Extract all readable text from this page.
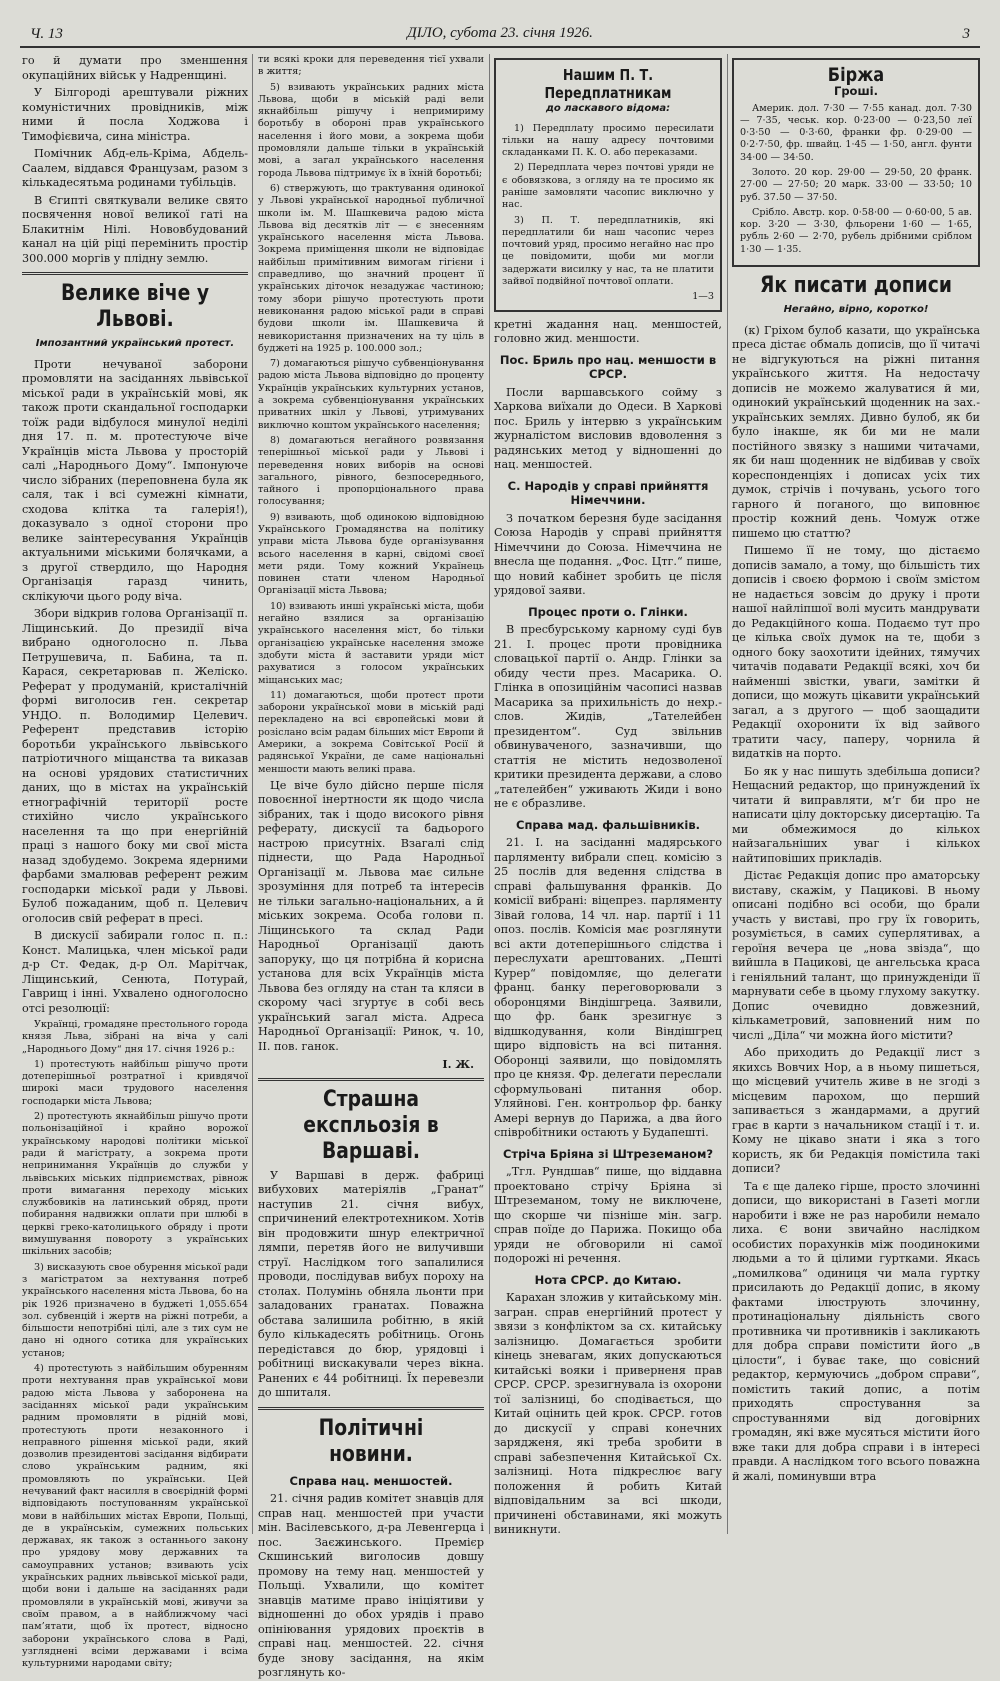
Ч. 13	ДІЛО, субота 23. січня 1926.	3

го й думати про зменшення окупаційних військ у Надренщині.

У Білгороді арештували ріжних комуністичних провідників, між ними й посла Ходжова і Тимофієвича, сина міністра.

Помічник Абд-ель-Кріма, Абдель-Саалем, віддався Французам, разом з кількадесятьма родинами тубільців.

В Єгипті святкували велике свято посвячення нової великої гаті на Блакитнім Нілі. Нововбудований канал на цій ріці перемінить простір 300.000 моргів у плідну землю.

Велике віче у Львові.
Імпозантний український протест.

Проти нечуваної заборони промовляти на засіданнях львівської міської ради в українській мові, як також проти скандальної господарки тоїж ради відбулося минулої неділі дня 17. п. м. протестуюче віче Українців міста Львова у просторій салі „Народнього Дому“. Імпонуюче число зібраних (переповнена була як саля, так і всі сумежні кімнати, сходова клітка та галерія!), доказувало з одної сторони про велике заінтересування Українців актуальними міськими болячками, а з другої ствердило, що Народня Організація гаразд чинить, склікуючи цього роду віча.

Збори відкрив голова Організації п. Ліщинський. До президії віча вибрано одноголосно п. Льва Петрушевича, п. Бабина, та п. Карася, секретарював п. Желіско. Реферат у продуманій, кристалічній формі виголосив ген. секретар УНДО. п. Володимир Целевич. Референт представив історію боротьби українського львівського патріотичного міщанства та виказав на основі урядових статистичних даних, що в містах на українській етнографічній території росте стихійно число українського населення та що при енергійній праці з нашого боку ми свої міста назад здобудемо. Зокрема ядерними фарбами змалював референт режим господарки міської ради у Львові. Булоб пожаданим, щоб п. Целевич оголосив свій реферат в пресі.

В дискусії забирали голос п. п.: Конст. Малицька, член міської ради д-р Ст. Федак, д-р Ол. Марітчак, Ліщинський, Сенюта, Потурай, Гаврищ і інні. Ухвалено одноголосно отсі резолюції:

Українці, громадяне престольного города князя Льва, зібрані на віча у салі „Народнього Дому“ дня 17. січня 1926 р.:

1) протестують найбільш рішучо проти дотеперішньої розтратної і кривдячої широкі маси трудового населення господарки міста Львова;

2) протестують якнайбільш рішучо проти польонізаційної і крайно ворожої українському народові політики міської ради й магістрату, а зокрема проти непринимання Українців до служби у львівських міських підприємствах, рівнож проти вимагання переходу міських службовиків на латинський обряд, проти побирання надвижки оплати при шлюбі в церкві греко-католицького обряду і проти вимушування повороту з українських шкільних засобів;

3) висказують свое обурення міської ради з магістратом за нехтування потреб українського населення міста Львова, бо на рік 1926 призначено в буджеті 1,055.654 зол. субвенцій і жертв на ріжні потреби, а більшости непотрібні цілі, але з тих сум не дано ні одного сотика для українських установ;

4) протестують з найбільшим обуренням проти нехтування прав української мови радою міста Львова у заборонена на засіданнях міської ради українським радним промовляти в рідній мові, протестують проти незаконного і неправного рішення міської ради, який дозволив президентові засідання відбирати слово українським радним, які промовляють по українськи. Цей нечуваний факт насилля в своєрідній формі відповідають поступованням української мови в найбільших містах Европи, Польщі, де в українськім, сумежних польських державах, як також з останнього закону про урядову мову державних та самоуправних установ; взивають усіх українських радних львівської міської ради, щоби вони і дальше на засіданнях ради промовляли в українській мові, живучи за своїм правом, а в найближчому часі пам’ятати, щоб їх протест, відносно заборони українського слова в Раді, узгляднені всіми державами і всіма культурними народами світу;

ти всякі кроки для переведення тієї ухвали в життя;

5) взивають українських радних міста Львова, щоби в міській раді вели якнайбільш рішучу і непримириму боротьбу в обороні прав українського населення і його мови, а зокрема щоби промовляли дальше тільки в українській мові, а загал українського населення города Львова підтримує їх в їхній боротьбі;

6) ствержують, що трактування одинокої у Львові української народньої публичної школи ім. М. Шашкевича радою міста Львова від десятків літ — є знесенням українського населення міста Львова. Зокрема приміщення школи не відповідає найбільш примітивним вимогам гігієни і справедливо, що значний процент її українських діточок незадужає частиною; тому збори рішучо протестують проти невиконання радою міської ради в справі будови школи ім. Шашкевича й невикористання призначених на ту ціль в буджеті на 1925 р. 100.000 зол.;

7) домагаються рішучо субвенціонування радою міста Львова відповідно до проценту Українців українських культурних установ, а зокрема субвенціонування українських приватних шкіл у Львові, утримуваних виключно коштом українського населення;

8) домагаються негайного розвязання теперішньої міської ради у Львові і переведення нових виборів на основі загального, рівного, безпосереднього, тайного і пропорціонального права голосування;

9) взивають, щоб одинокою відповідною Українського Громадянства на політику управи міста Львова буде організування всього населення в карні, свідомі своєї мети ряди. Тому кожний Українець повинен стати членом Народньої Організації міста Львова;

10) взивають инші українські міста, щоби негайно взялися за організацію українського населення міст, бо тільки організацією українське населення зможе здобути міста й заставити уряди міст рахуватися з голосом українських міщанських мас;

11) домагаються, щоби протест проти заборони української мови в міській раді перекладено на всі європейські мови й розіслано всім радам більших міст Европи й Америки, а зокрема Совітської Росії й радянської України, де саме національні меншости мають великі права.

Це віче було дійсно перше після повоєнної інертности як щодо числа зібраних, так і щодо високого рівня реферату, дискусії та бадьорого настрою присутніх. Взагалі слід піднести, що Рада Народньої Організації м. Львова має сильне зрозуміння для потреб та інтересів не тільки загально-національних, а й міських зокрема. Особа голови п. Ліщинського та склад Ради Народньої Організації дають запоруку, що ця потрібна й корисна установа для всіх Українців міста Львова без огляду на стан та кляси в скорому часі згуртує в собі весь український загал міста. Адреса Народньої Організації: Ринок, ч. 10, II. пов. ганок.

І. Ж.
Страшна експльозія в Варшаві.

У Варшаві в держ. фабриці вибухових матеріялів „Гранат“ наступив 21. січня вибух, спричинений електротехником. Хотів він продовжити шнур електричної лямпи, перетяв його не вилучивши струї. Наслідком того запалилися проводи, послідував вибух пороху на столах. Полумінь обняла льонти при заладованих гранатах. Поважна обстава залишила робітню, в якій було кількадесять робітниць. Огонь передістався до бюр, урядовці і робітниці вискакували через вікна. Ранених є 44 робітниці. Їх перевезли до шпиталя.

Політичні новини.
Справа нац. меншостей.

21. січня радив комітет знавців для справ нац. меншостей при участи мін. Васілевського, д-ра Левенгерца і пос. Заєжинського. Премієр Скшинський виголосив довшу промову на тему нац. меншостей у Польщі. Ухвалили, що комітет знавців матиме право ініціятиви у відношенні до обох урядів і право опініювання урядових проєктів в справі нац. меншостей. 22. січня буде знову засідання, на якім розглянуть ко-

Нашим П. Т. Передплатникам
до ласкавого відома:

1) Передплату просимо пересилати тільки на нашу адресу почтовими складанками П. К. О. або переказами.

2) Передплата через почтові уряди не є обовязкова, з огляду на те просимо як раніше замовляти часопис виключно у нас.

3) П. Т. передплатників, які передплатили би наш часопис через почтовий уряд, просимо негайно нас про це повідомити, щоби ми могли задержати висилку у нас, та не платити зайвої подвійної почтової оплати.

1—3

кретні жадання нац. меншостей, головно жид. меншости.

Пос. Бриль про нац. меншости в СРСР.

Посли варшавського сойму з Харкова виїхали до Одеси. В Харкові пос. Бриль у інтервю з українським журналістом висловив вдоволення з радянських метод у відношенні до нац. меншостей.

С. Народів у справі прийняття Німеччини.

З початком березня буде засідання Союза Народів у справі прийняття Німеччини до Союза. Німеччина не внесла ще подання. „Фос. Цтг.“ пише, що новий кабінет зробить це після урядової заяви.

Процес проти о. Глінки.

В пресбурському карному суді був 21. I. процес проти провідника словацької партії о. Андр. Глінки за обиду чести през. Масарика. О. Глінка в опозиційнім часописі назвав Масарика за прихильність до нехр.-слов. Жидів, „Тателейбен президентом“. Суд звільнив обвинуваченого, зазначивши, що статтія не містить недозволеної критики президента держави, а слово „тателейбен“ уживають Жиди і воно не є образливе.

Справа мад. фальшівників.

21. I. на засіданні мадярського парляменту вибрали спец. комісію з 25 послів для ведення слідства в справі фальшування франків. До комісії вибрані: віцепрез. парляменту Зівай голова, 14 чл. нар. партії і 11 опоз. послів. Комісія має розглянути всі акти дотеперішнього слідства і переслухати арештованих. „Пешті Курер“ повідомляє, що делегати франц. банку переговорювали з оборонцями Віндішгреца. Заявили, що фр. банк зрезигнує з відшкодування, коли Віндішгрец щиро відповість на всі питання. Оборонці заявили, що повідомлять про це князя. Фр. делегати переслали сформульовані питання обор. Уляйнові. Ген. контрольор фр. банку Амері вернув до Парижа, а два його співробітники остають у Будапешті.

Стріча Бріяна зі Штреземаном?

„Тгл. Рундшав“ пише, що віддавна проектовано стрічу Бріяна зі Штреземаном, тому не виключене, що скорше чи пізніше мін. загр. справ поїде до Парижа. Покищо оба уряди не обговорили ні самої подорожі ні речення.

Нота СРСР. до Китаю.

Карахан зложив у китайському мін. загран. справ енергійний протест у звязи з конфліктом за сх. китайську залізницю. Домагається зробити кінець зневагам, яких допускаються китайські вояки і приверненя прав СРСР. СРСР. зрезигнувала із охорони тої залізниці, бо сподівається, що Китай оцінить цей крок. СРСР. готов до дискусії у справі конечних зарядженя, які треба зробити в справі забезпечення Китайської Сх. залізниці. Нота підкреслює вагу положення й робить Китай відповідальним за всі шкоди, причинені обставинами, які можуть виникнути.

Біржа
Гроші.

Америк. дол. 7·30 — 7·55 канад. дол. 7·30 — 7·35, чеськ. кор. 0·23·00 — 0·23,50 леї 0·3·50 — 0·3·60, франки фр. 0·29·00 — 0·2·7·50, фр. швайц. 1·45 — 1·50, англ. фунти 34·00 — 34·50.

Золото. 20 кор. 29·00 — 29·50, 20 франк. 27·00 — 27·50; 20 марк. 33·00 — 33·50; 10 руб. 37.50 — 37·50.

Срібло. Австр. кор. 0·58·00 — 0·60·00, 5 ав. кор. 3·20 — 3·30, фльорени 1·60 — 1·65, рубль 2·60 — 2·70, рубель дрібними сріблом 1·30 — 1·35.

Як писати дописи
Негайно, вірно, коротко!

(к) Гріхом булоб казати, що українська преса дістає обмаль дописів, що її читачі не відгукуються на ріжні питання українського життя. На недостачу дописів не можемо жалуватися й ми, одинокий український щоденник на зах.-українських землях. Дивно булоб, як би було інакше, як би ми не мали постійного звязку з нашими читачами, як би наш щоденник не відбивав у своїх кореспонденціях і дописах усіх тих думок, стрічів і почувань, усього того гарного й поганого, що виповнює простір кожний день. Чомуж отже пишемо цю статтю?

Пишемо її не тому, що дістаємо дописів замало, а тому, що більшість тих дописів і своєю формою і своїм змістом не надається зовсім до друку і проти нашої найліпшої волі мусить мандрувати до Редакційного коша. Подаємо тут про це кілька своїх думок на те, щоби з одного боку заохотити ідейних, тямучих читачів подавати Редакції всякі, хоч би найменші звістки, уваги, замітки й дописи, що можуть цікавити український загал, а з другого — щоб заощадити Редакції охоронити їх від зайвого тратити часу, паперу, чорнила й видатків на порто.

Бо як у нас пишуть здебільша дописи? Нещасний редактор, що принуждений їх читати й виправляти, м’г би про не написати цілу докторську дисертацію. Та ми обмежимося до кількох найзагальніших уваг і кількох найтиповіших прикладів.

Дістає Редакція допис про аматорську виставу, скажім, у Пацикові. В ньому описані подібно всі особи, що брали участь у виставі, про гру їх говорить, розуміється, в самих суперлятивах, а героїня вечера це „нова звізда“, що вийшла в Пацикові, це ангельська краса і геніяльний талант, що принужденіди її марнувати себе в цьому глухому закутку. Допис очевидно довжезний, кількаметровий, заповнений ним по числі „Діла“ чи можна його містити?

Або приходить до Редакції лист з якихсь Вовчих Нор, а в ньому пишеться, що місцевий учитель живе в не згоді з місцевим парохом, що перший запивається з жандармами, а другий грає в карти з начальником стації і т. и. Кому не цікаво знати і яка з того користь, як би Редакція помістила такі дописи?

Та є ще далеко гірше, просто злочинні дописи, що використані в Газеті могли наробити і вже не раз наробили немало лиха. Є вони звичайно наслідком особистих порахунків між поодинокими людьми а то й цілими гуртками. Якась „помилкова“ одиниця чи мала гуртку присилають до Редакції допис, в якому фактами ілюструють злочинну, протинаціональну діяльність свого противника чи противників і закликають для добра справи помістити його „в цілости“, і буває таке, що совісний редактор, кермуючись „добром справи“, помістить такий допис, а потім приходять спростування за спростуваннями від договірних громадян, які вже мусяться містити його вже таки для добра справи і в інтересі правди. А наслідком того всього поважна й жалі, поминувши втра
